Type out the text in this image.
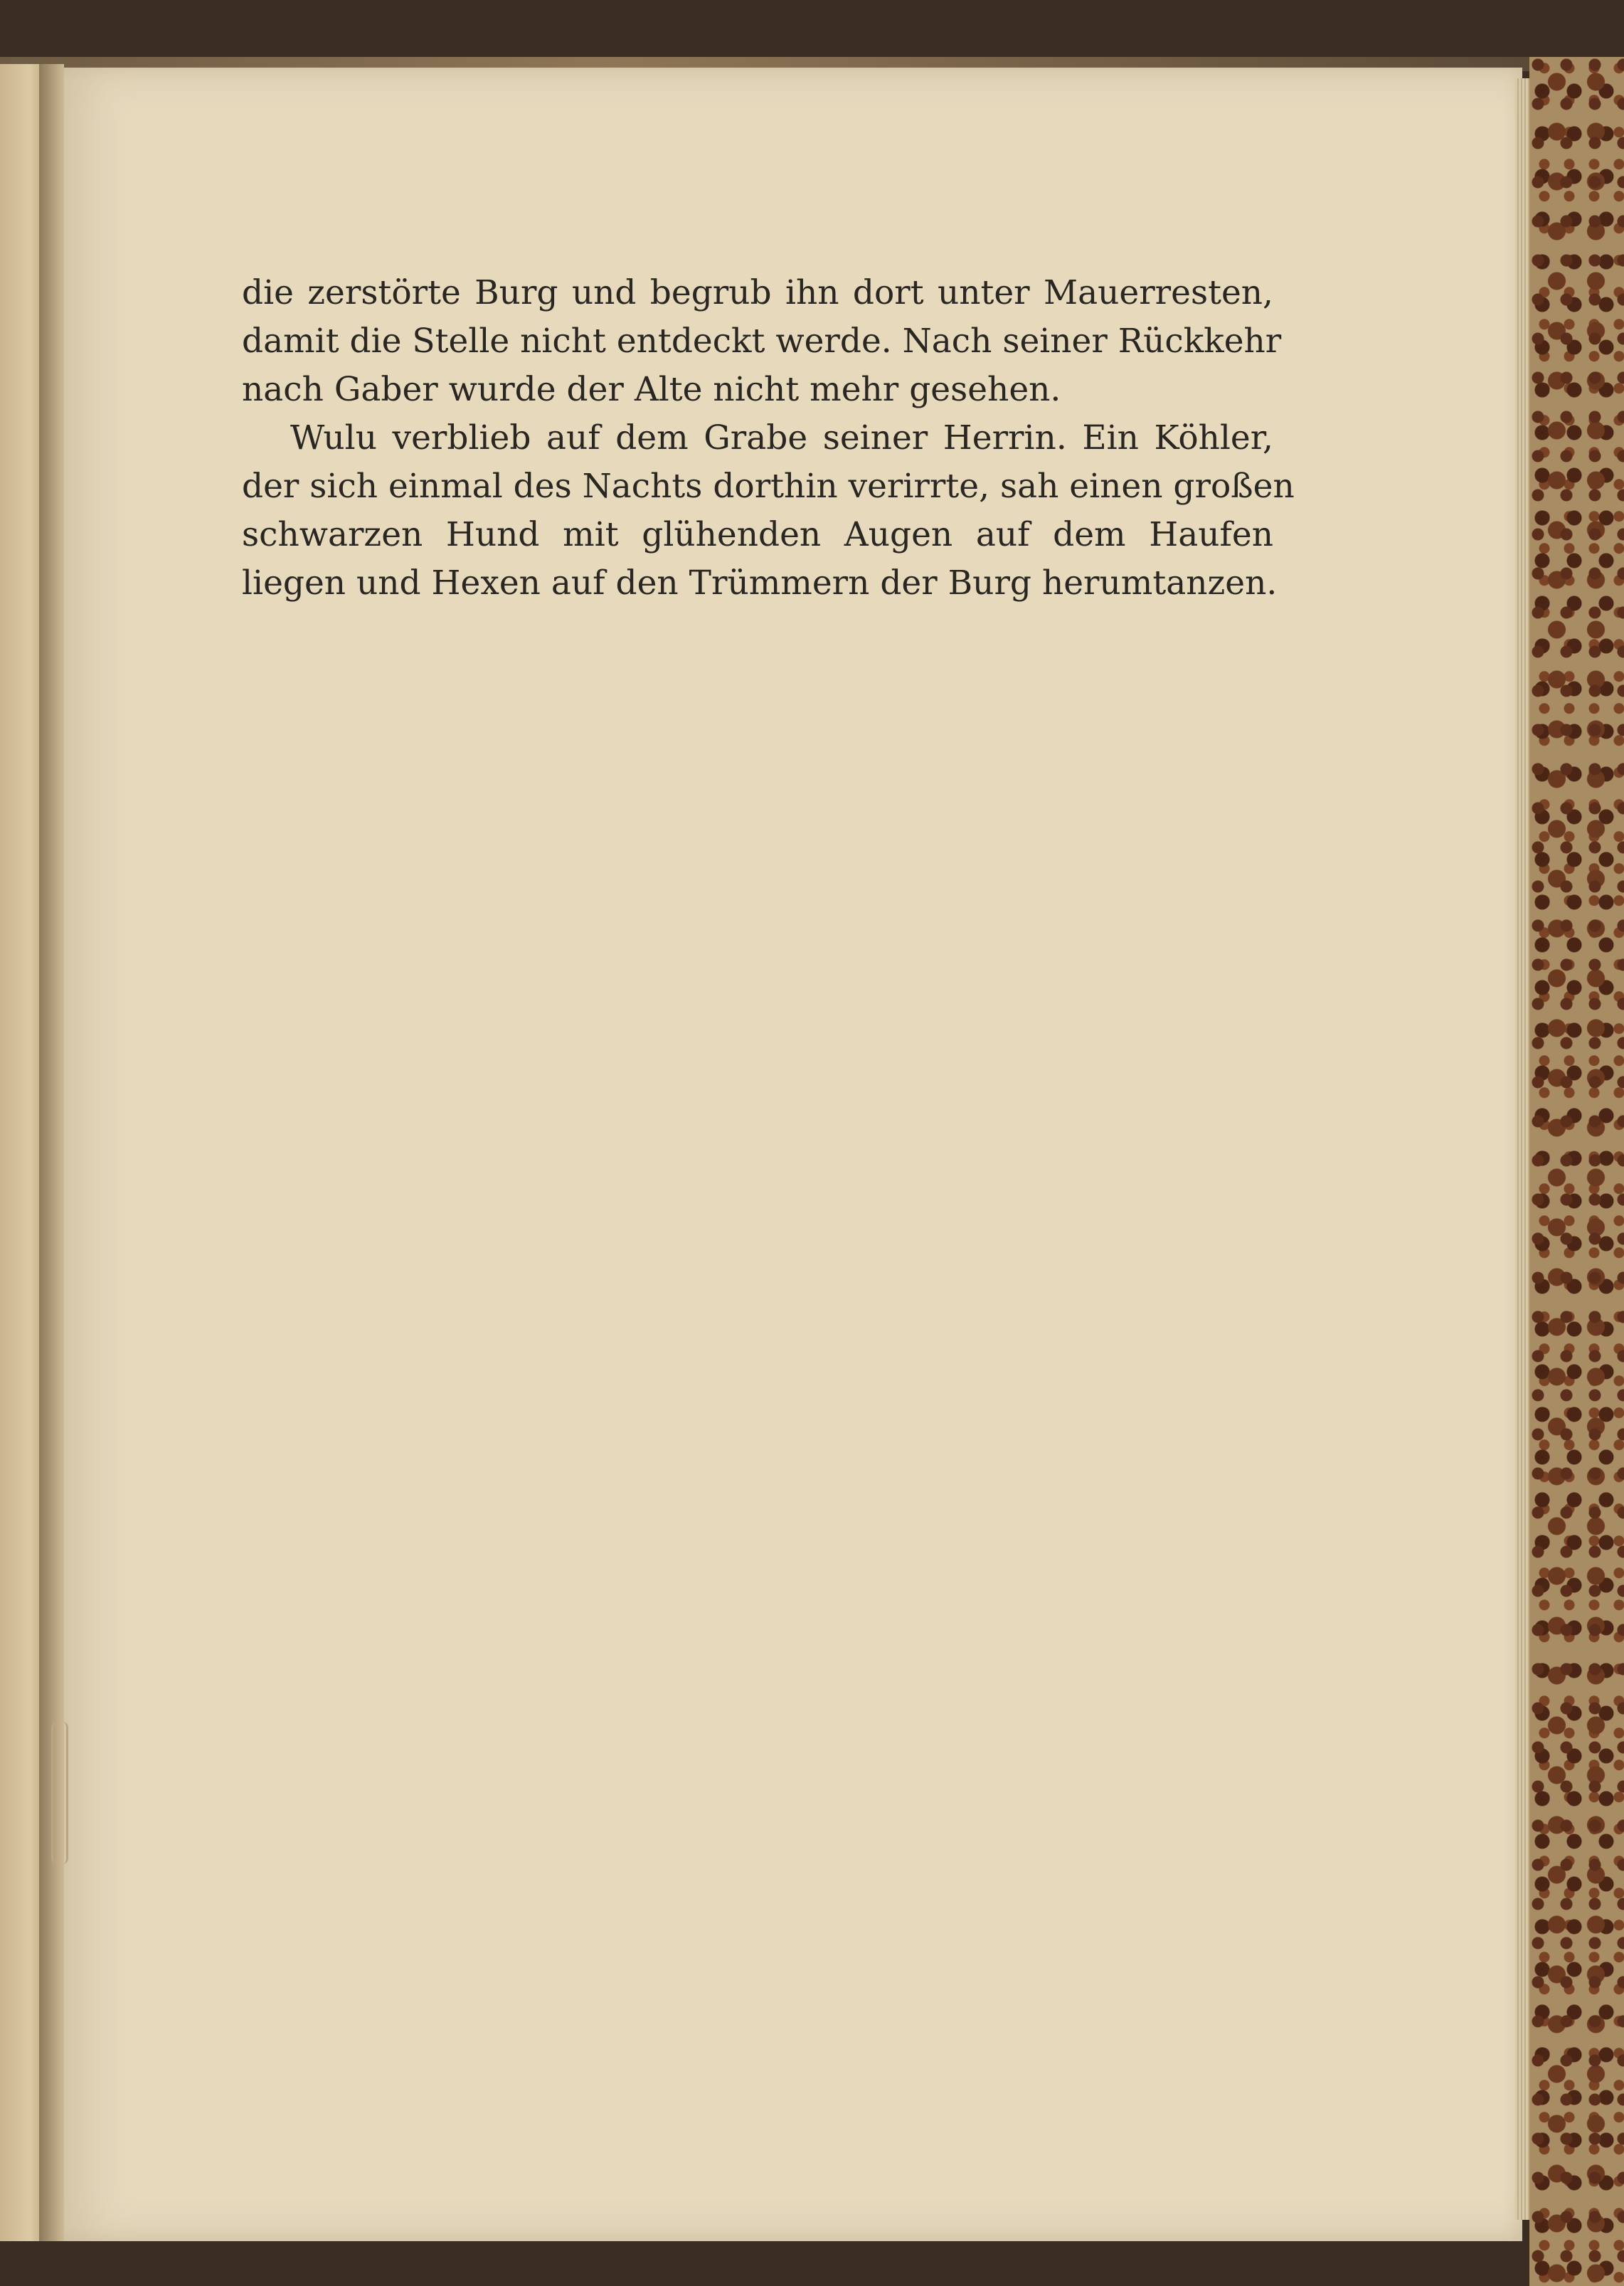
die zerstörte Burg und begrub ihn dort unter Mauerresten,
damit die Stelle nicht entdeckt werde. Nach seiner Rückkehr
nach Gaber wurde der Alte nicht mehr gesehen.
Wulu verblieb auf dem Grabe seiner Herrin. Ein Köhler,
der sich einmal des Nachts dorthin verirrte, sah einen großen
schwarzen Hund mit glühenden Augen auf dem Haufen
liegen und Hexen auf den Trümmern der Burg herumtanzen.
